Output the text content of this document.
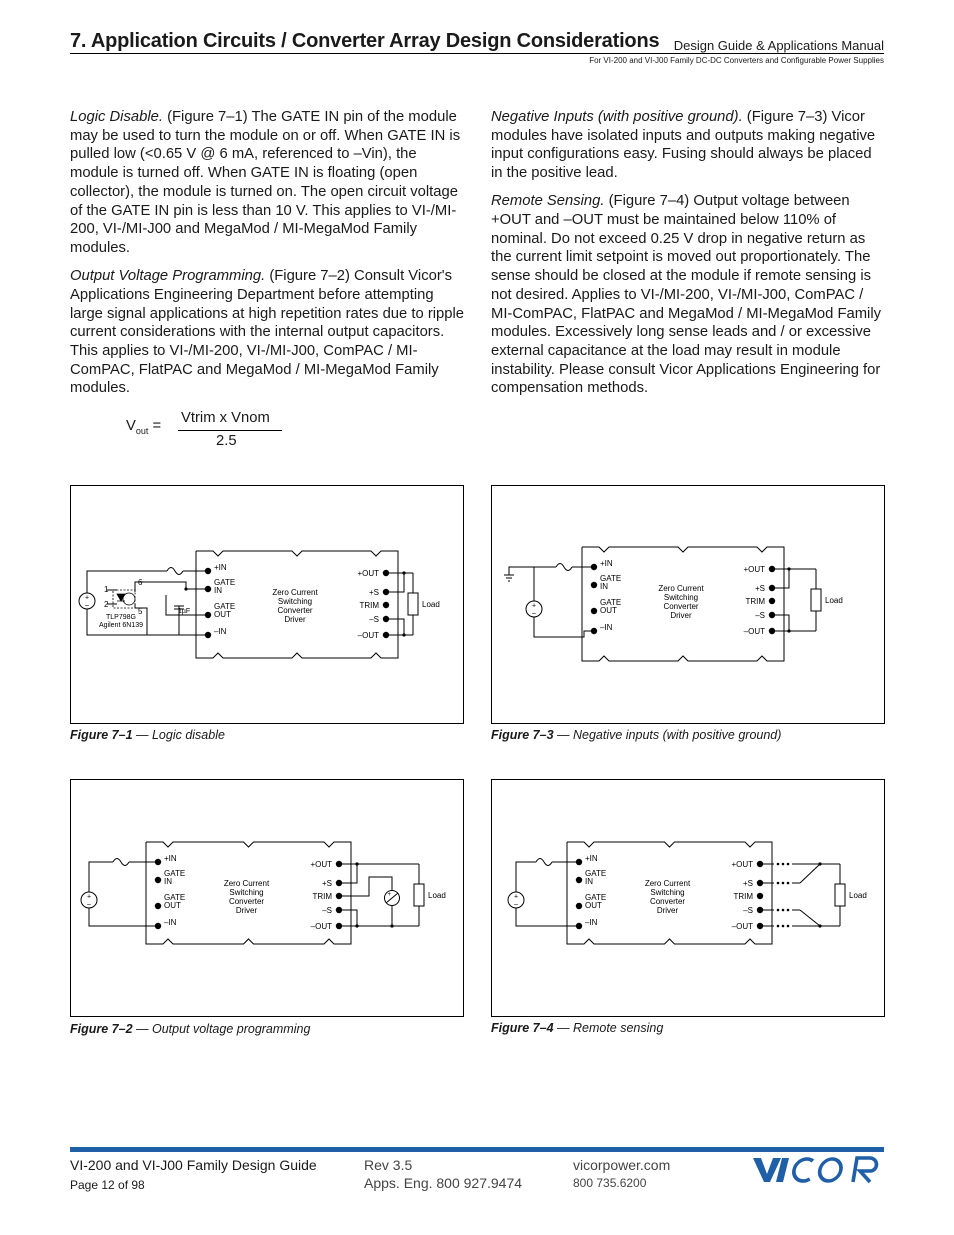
7. Application Circuits / Converter Array Design Considerations Design Guide & Applications Manual
For VI-200 and VI-J00 Family DC-DC Converters and Configurable Power Supplies

Logic Disable. (Figure 7–1) The GATE IN pin of the module may be used to turn the module on or off. When GATE IN is pulled low (<0.65 V @ 6 mA, referenced to –Vin), the module is turned off. When GATE IN is floating (open collector), the module is turned on. The open circuit voltage of the GATE IN pin is less than 10 V. This applies to VI-/MI-200, VI-/MI-J00 and MegaMod / MI-MegaMod Family modules.

Output Voltage Programming. (Figure 7–2) Consult Vicor's Applications Engineering Department before attempting large signal applications at high repetition rates due to ripple current considerations with the internal output capacitors. This applies to VI-/MI-200, VI-/MI-J00, ComPAC / MI-ComPAC, FlatPAC and MegaMod / MI-MegaMod Family modules.

$V_{out}$ = Vtrim x Vnom
2.5

Negative Inputs (with positive ground). (Figure 7–3) Vicor modules have isolated inputs and outputs making negative input configurations easy. Fusing should always be placed in the positive lead.

Remote Sensing. (Figure 7–4) Output voltage between +OUT and –OUT must be maintained below 110% of nominal. Do not exceed 0.25 V drop in negative return as the current limit setpoint is moved out proportionately. The sense should be closed at the module if remote sensing is not desired. Applies to VI-/MI-200, VI-/MI-J00, ComPAC / MI-ComPAC, FlatPAC and MegaMod / MI-MegaMod Family modules. Excessively long sense leads and / or excessive external capacitance at the load may result in module instability. Please consult Vicor Applications Engineering for compensation methods.

+IN
GATE
IN
GATE
OUT
–IN
Zero Current
Switching
Converter
Driver
+OUT
+S
TRIM
–S
–OUT
+
–
1
2
6
5	1µF
TLP798G
Agilent 6N139
Load
+IN
GATE
IN
GATE
OUT
–IN
Zero Current
Switching
Converter
Driver
+OUT
+S
TRIM
–S
–OUT
+
–
Load
+IN
GATE
IN
GATE
OUT
–IN
Zero Current
Switching
Converter
Driver
+OUT
+S
TRIM
–S
–OUT
+
–
+	Load
+IN
GATE
IN
GATE
OUT
–IN
Zero Current
Switching
Converter
Driver
+OUT
+S
TRIM
–S
–OUT
+
–
Load
Figure 7–1 — Logic disable	Figure 7–3 — Negative inputs (with positive ground)
Figure 7–2 — Output voltage programming	Figure 7–4 — Remote sensing
VI-200 and VI-J00 Family Design Guide
Page 12 of 98
Rev 3.5
Apps. Eng. 800 927.9474
vicorpower.com
800 735.6200
